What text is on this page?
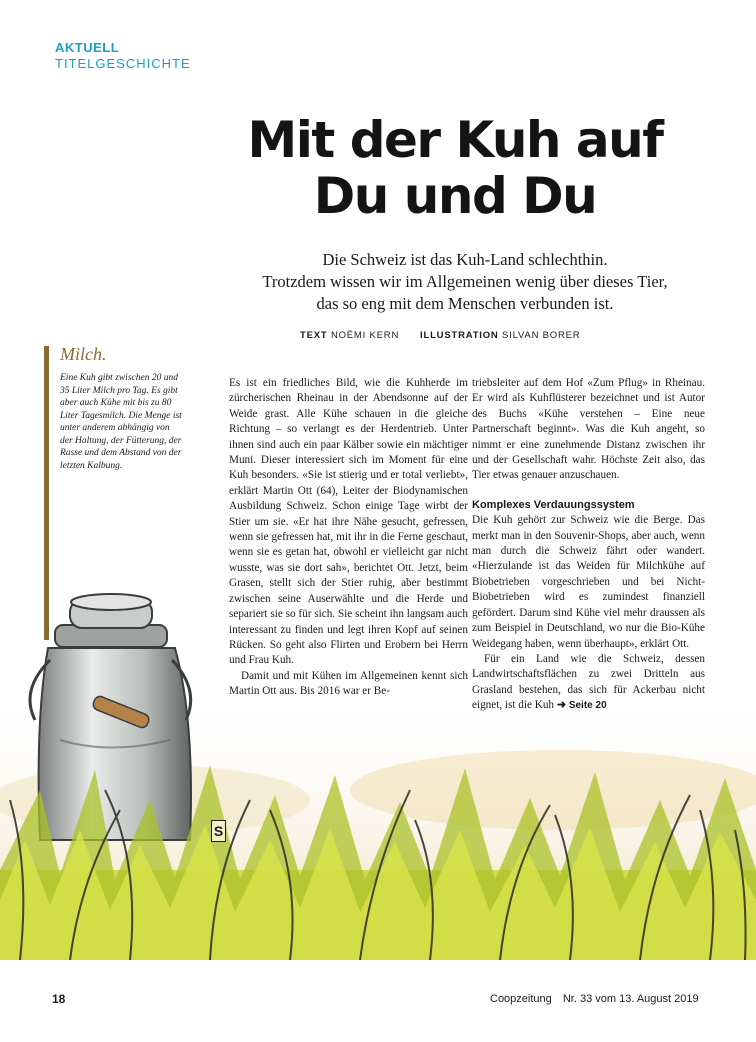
AKTUELL
TITELGESCHICHTE
Mit der Kuh auf
Du und Du
Die Schweiz ist das Kuh-Land schlechthin.
Trotzdem wissen wir im Allgemeinen wenig über dieses Tier,
das so eng mit dem Menschen verbunden ist.
TEXT NOËMI KERN ILLUSTRATION SILVAN BORER
Milch.
Eine Kuh gibt zwischen 20 und 35 Liter Milch pro Tag. Es gibt aber auch Kühe mit bis zu 80 Liter Tagesmilch. Die Menge ist unter anderem abhängig von der Haltung, der Fütterung, der Rasse und dem Abstand von der letzten Kalbung.

Es ist ein friedliches Bild, wie die Kuhherde im zürcherischen Rheinau in der Abendsonne auf der Weide grast. Alle Kühe schauen in die gleiche Richtung – so verlangt es der Herdentrieb. Unter ihnen sind auch ein paar Kälber sowie ein mächtiger Muni. Dieser interessiert sich im Moment für eine Kuh besonders. «Sie ist stierig und er total verliebt», erklärt Martin Ott (64), Leiter der Biodynamischen Ausbildung Schweiz. Schon einige Tage wirbt der Stier um sie. «Er hat ihre Nähe gesucht, gefressen, wenn sie gefressen hat, mit ihr in die Ferne geschaut, wenn sie es getan hat, obwohl er vielleicht gar nicht wusste, was sie dort sah», berichtet Ott. Jetzt, beim Grasen, stellt sich der Stier ruhig, aber bestimmt zwischen seine Auserwählte und die Herde und separiert sie so für sich. Sie scheint ihn langsam auch interessant zu finden und legt ihren Kopf auf seinen Rücken. So geht also Flirten und Erobern bei Herrn und Frau Kuh.

Damit und mit Kühen im Allgemeinen kennt sich Martin Ott aus. Bis 2016 war er Be-

triebsleiter auf dem Hof «Zum Pflug» in Rheinau. Er wird als Kuhflüsterer bezeichnet und ist Autor des Buchs «Kühe verstehen – Eine neue Partnerschaft beginnt». Was die Kuh angeht, so nimmt er eine zunehmende Distanz zwischen ihr und der Gesellschaft wahr. Höchste Zeit also, das Tier etwas genauer anzuschauen.

Komplexes Verdauungssystem

Die Kuh gehört zur Schweiz wie die Berge. Das merkt man in den Souvenir-Shops, aber auch, wenn man durch die Schweiz fährt oder wandert. «Hierzulande ist das Weiden für Milchkühe auf Biobetrieben vorgeschrieben und bei Nicht-Biobetrieben wird es zumindest finanziell gefördert. Darum sind Kühe viel mehr draussen als zum Beispiel in Deutschland, wo nur die Bio-Kühe Weidegang haben, wenn überhaupt», erklärt Ott.

Für ein Land wie die Schweiz, dessen Landwirtschaftsflächen zu zwei Dritteln aus Grasland bestehen, das sich für Ackerbau nicht eignet, ist die Kuh ➜ Seite 20

S
18	Coopzeitung Nr. 33 vom 13. August 2019
